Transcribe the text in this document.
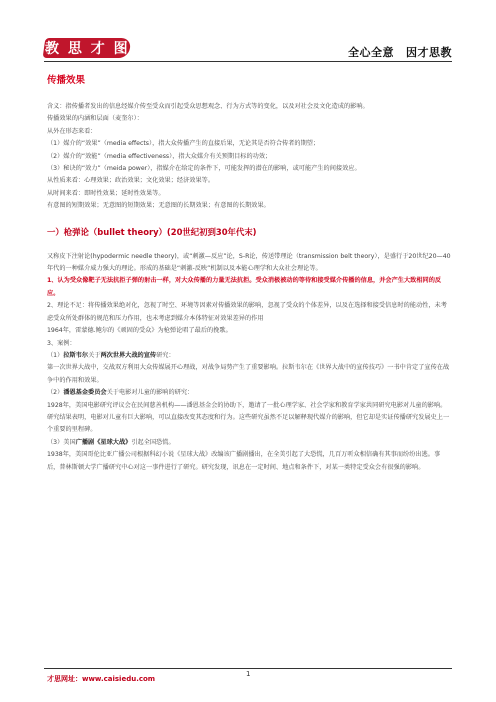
教 思 才 图	全心全意 因才思教
传播效果

含义：指传播者发出的信息经媒介传至受众而引起受众思想观念、行为方式等的变化，以及对社会及文化造成的影响。

传播效果的内涵和层面（麦奎尔）：

从外在形态来看：

（1）媒介的“效果”（media effects），指大众传播产生的直接后果，无论其是否符合传者的期望；

（2）媒介的“效能”（media effectiveness），指大众媒介有关预期目标的功效；

（3）秘诀的“效力”（meida power），指媒介在给定的条件下，可能发挥的潜在的影响，或可能产生的间接效应。

从性质来看：心理效果；政治效果；文化效果；经济效果等。

从时间来看：即时性效果；延时性效果等。

有意图的短期效果；无意图的短期效果；无意图的长期效果；有意图的长期效果。

一）枪弹论（bullet theory）(20世纪初到30年代末)

又称皮下注射论(hypodermic needle theory)，或“刺激—反应”论，S-R论，传送带理论（transmission belt theory），是盛行于20世纪20—40年代的一种媒介威力强大的理论。形成的基础是“刺激-反映”机制以及本能心理学和大众社会理论等。

1、认为受众像靶子无法抗拒子弹的射击一样，对大众传播的力量无法抗拒。受众消极被动的等待和接受媒介传播的信息，并会产生大致相同的反应。

2、理论不足：将传播效果绝对化，忽视了时空、环境等因素对传播效果的影响，忽视了受众的个体差异，以及在选择和接受信息时的能动性，未考虑受众所处群体的规范和压力作用，也未考虑到媒介本体特征对效果差异的作用

1964年，雷蒙德.鲍尔的《顽固的受众》为枪弹论唱了最后的挽歌。

3、案例：

（1）拉斯韦尔关于两次世界大战的宣传研究：

第一次世界大战中，交战双方利用大众传媒展开心理战，对战争局势产生了重要影响。拉斯韦尔在《世界大战中的宣传技巧》一书中肯定了宣传在战争中的作用和效果。

（2）潘恩基金委员会关于电影对儿童的影响的研究：

1928年，美国电影研究评议会在民间慈善机构——潘恩基金会的协助下，邀请了一批心理学家、社会学家和教育学家共同研究电影对儿童的影响。研究结果表明，电影对儿童有巨大影响，可以直接改变其态度和行为。这些研究虽然不足以解释现代媒介的影响，但它却是实证传播研究发展史上一个重要的里程碑。

（3）美国广播剧《星球大战》引起全国恐慌。

1938年，美国哥伦比亚广播公司根据科幻小说《星球大战》改编该广播剧播出，在全美引起了大恐慌，几百万听众相信确有其事而纷纷出逃。事后，普林斯顿大学广播研究中心对这一事件进行了研究。研究发现，讯息在一定时间、地点和条件下，对某一类特定受众会有很强的影响。

才思网址：www.caisiedu.com
1
